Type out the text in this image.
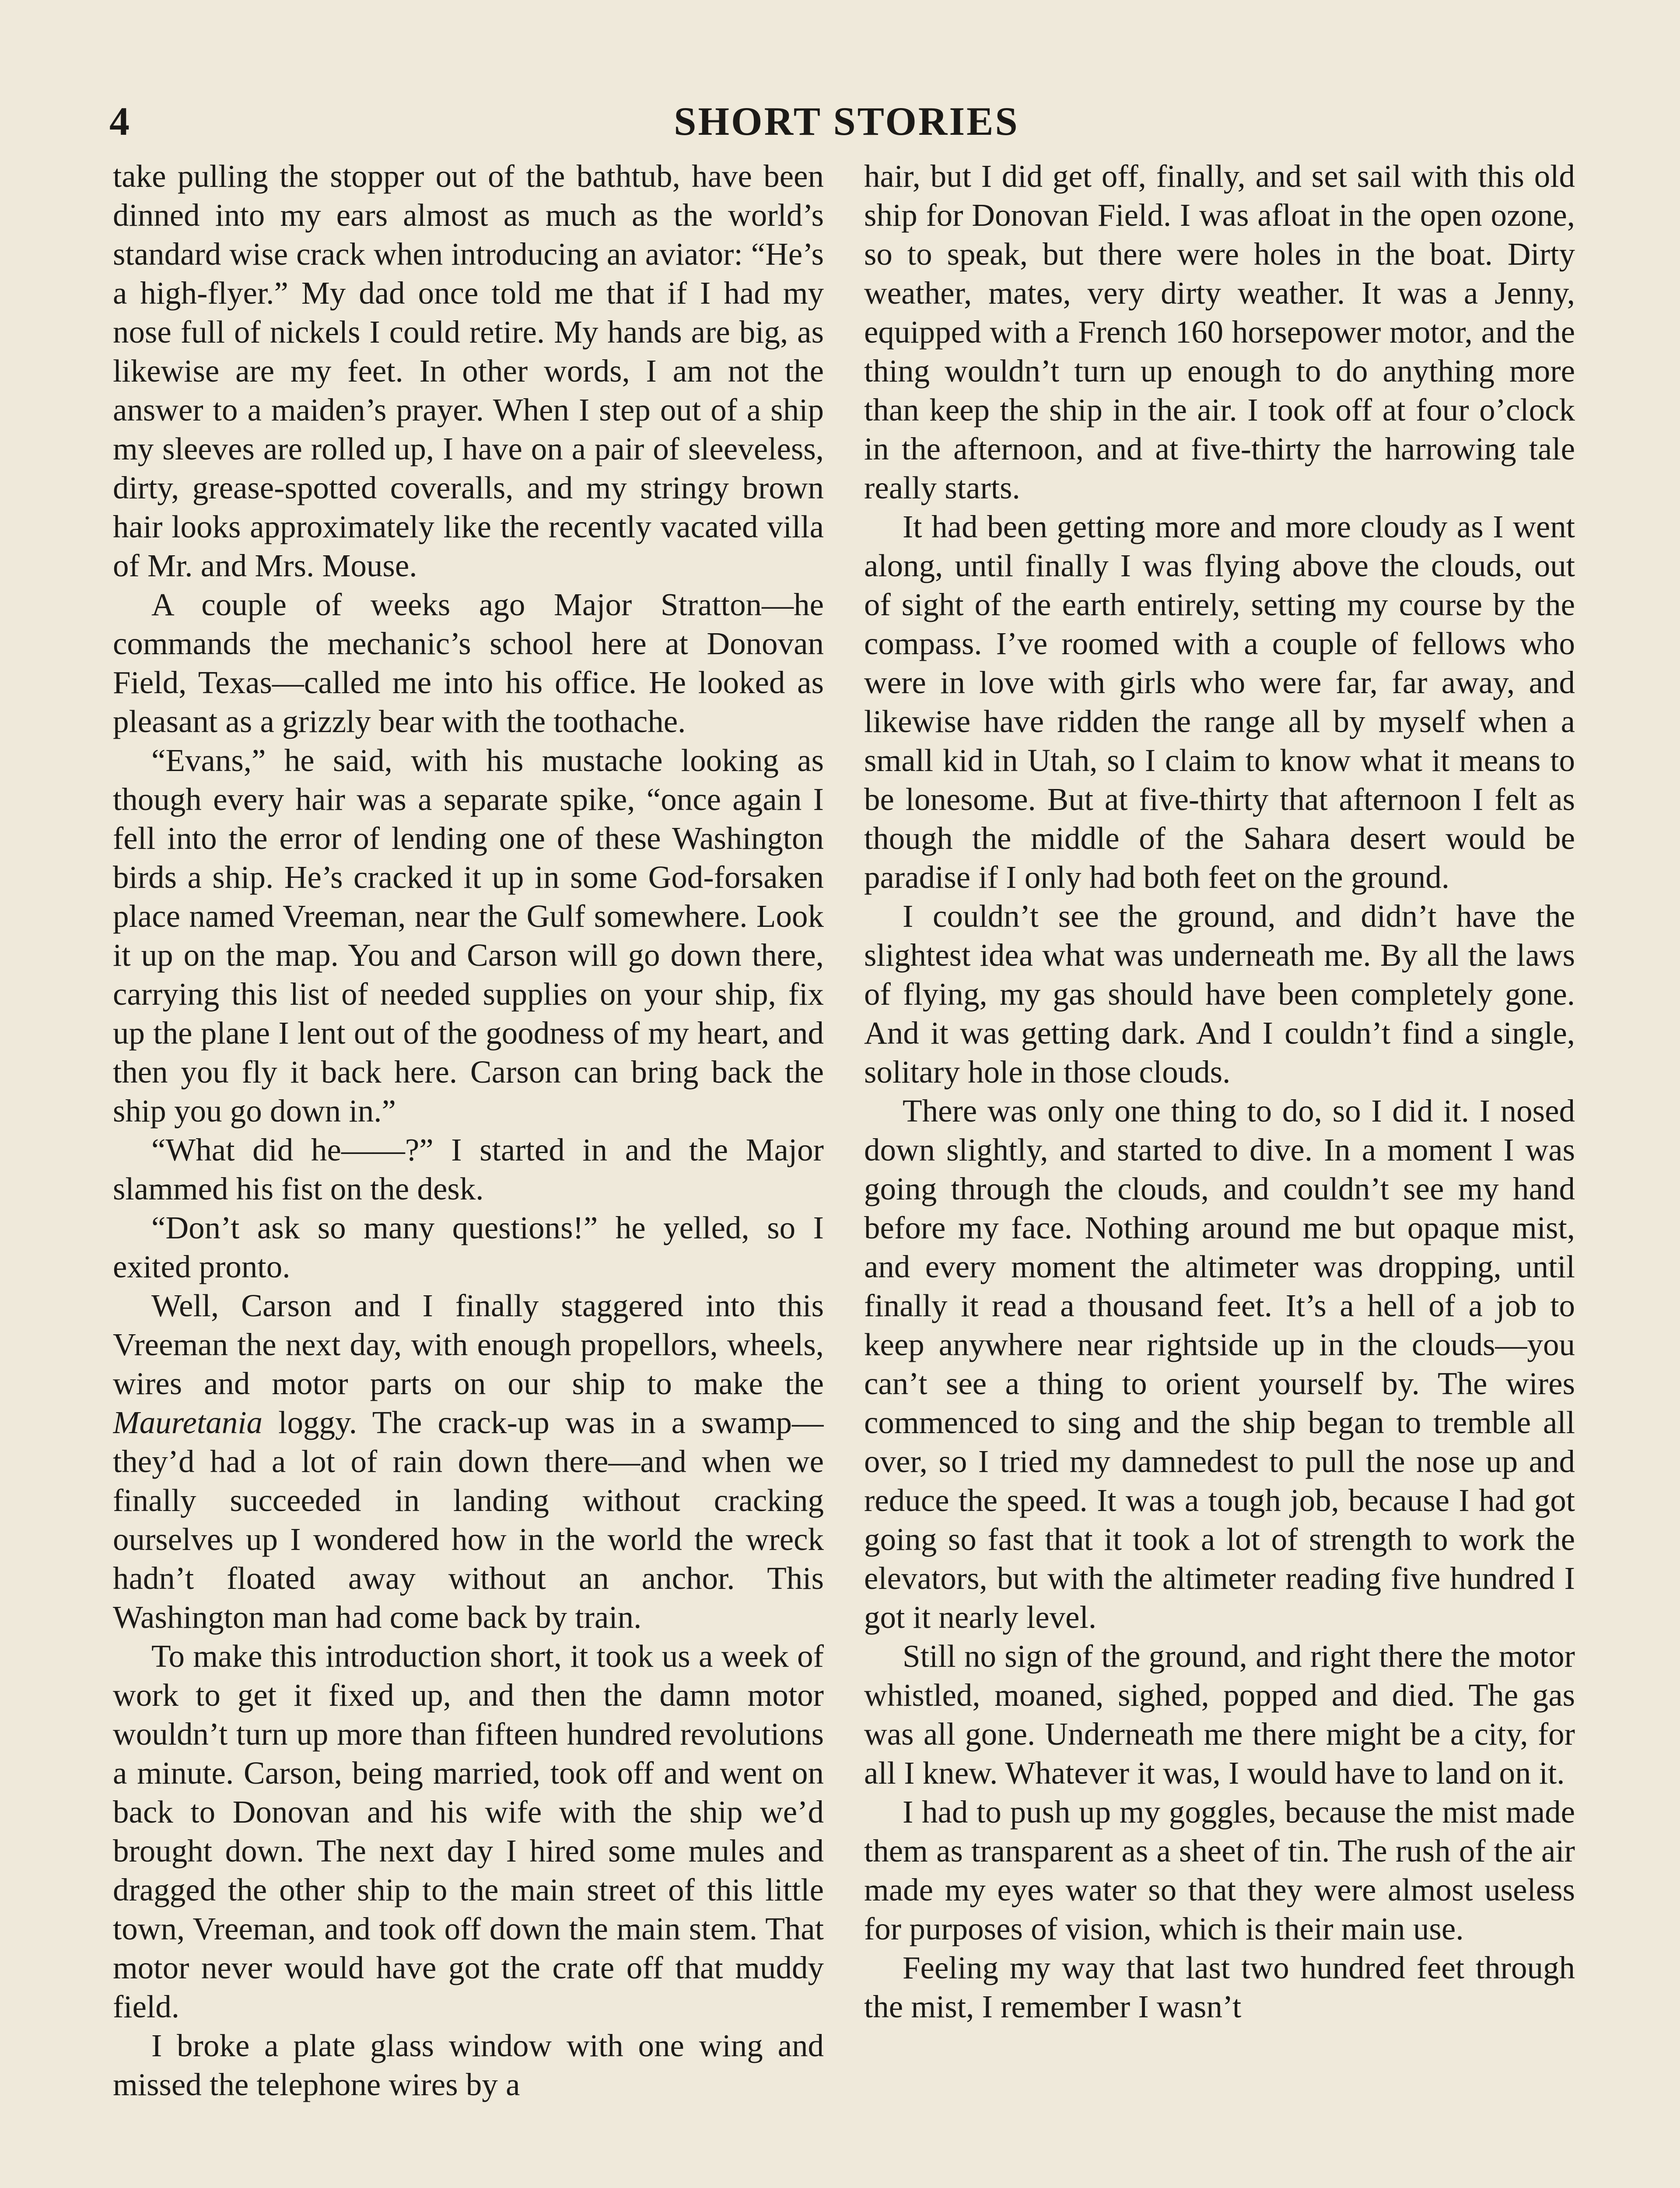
4	SHORT STORIES

take pulling the stopper out of the bathtub, have been dinned into my ears almost as much as the world’s standard wise crack when introducing an aviator: “He’s a high-flyer.” My dad once told me that if I had my nose full of nickels I could retire. My hands are big, as likewise are my feet. In other words, I am not the answer to a maiden’s prayer. When I step out of a ship my sleeves are rolled up, I have on a pair of sleeveless, dirty, grease-spotted coveralls, and my stringy brown hair looks approximately like the recently vacated villa of Mr. and Mrs. Mouse.

A couple of weeks ago Major Stratton—he commands the mechanic’s school here at Donovan Field, Texas—called me into his office. He looked as pleasant as a grizzly bear with the toothache.

“Evans,” he said, with his mustache looking as though every hair was a separate spike, “once again I fell into the error of lending one of these Washington birds a ship. He’s cracked it up in some God-forsaken place named Vreeman, near the Gulf somewhere. Look it up on the map. You and Carson will go down there, carrying this list of needed supplies on your ship, fix up the plane I lent out of the goodness of my heart, and then you fly it back here. Carson can bring back the ship you go down in.”

“What did he——?” I started in and the Major slammed his fist on the desk.

“Don’t ask so many questions!” he yelled, so I exited pronto.

Well, Carson and I finally staggered into this Vreeman the next day, with enough propellors, wheels, wires and motor parts on our ship to make the Mauretania loggy. The crack-up was in a swamp—they’d had a lot of rain down there—and when we finally succeeded in landing without cracking ourselves up I wondered how in the world the wreck hadn’t floated away without an anchor. This Washington man had come back by train.

To make this introduction short, it took us a week of work to get it fixed up, and then the damn motor wouldn’t turn up more than fifteen hundred revolutions a minute. Carson, being married, took off and went on back to Donovan and his wife with the ship we’d brought down. The next day I hired some mules and dragged the other ship to the main street of this little town, Vreeman, and took off down the main stem. That motor never would have got the crate off that muddy field.

I broke a plate glass window with one wing and missed the telephone wires by a

hair, but I did get off, finally, and set sail with this old ship for Donovan Field. I was afloat in the open ozone, so to speak, but there were holes in the boat. Dirty weather, mates, very dirty weather. It was a Jenny, equipped with a French 160 horsepower motor, and the thing wouldn’t turn up enough to do anything more than keep the ship in the air. I took off at four o’clock in the afternoon, and at five-thirty the harrowing tale really starts.

It had been getting more and more cloudy as I went along, until finally I was flying above the clouds, out of sight of the earth entirely, setting my course by the compass. I’ve roomed with a couple of fellows who were in love with girls who were far, far away, and likewise have ridden the range all by myself when a small kid in Utah, so I claim to know what it means to be lonesome. But at five-thirty that afternoon I felt as though the middle of the Sahara desert would be paradise if I only had both feet on the ground.

I couldn’t see the ground, and didn’t have the slightest idea what was underneath me. By all the laws of flying, my gas should have been completely gone. And it was getting dark. And I couldn’t find a single, solitary hole in those clouds.

There was only one thing to do, so I did it. I nosed down slightly, and started to dive. In a moment I was going through the clouds, and couldn’t see my hand before my face. Nothing around me but opaque mist, and every moment the altimeter was dropping, until finally it read a thousand feet. It’s a hell of a job to keep anywhere near rightside up in the clouds—you can’t see a thing to orient yourself by. The wires commenced to sing and the ship began to tremble all over, so I tried my damnedest to pull the nose up and reduce the speed. It was a tough job, because I had got going so fast that it took a lot of strength to work the elevators, but with the altimeter reading five hundred I got it nearly level.

Still no sign of the ground, and right there the motor whistled, moaned, sighed, popped and died. The gas was all gone. Underneath me there might be a city, for all I knew. Whatever it was, I would have to land on it.

I had to push up my goggles, because the mist made them as transparent as a sheet of tin. The rush of the air made my eyes water so that they were almost useless for purposes of vision, which is their main use.

Feeling my way that last two hundred feet through the mist, I remember I wasn’t
